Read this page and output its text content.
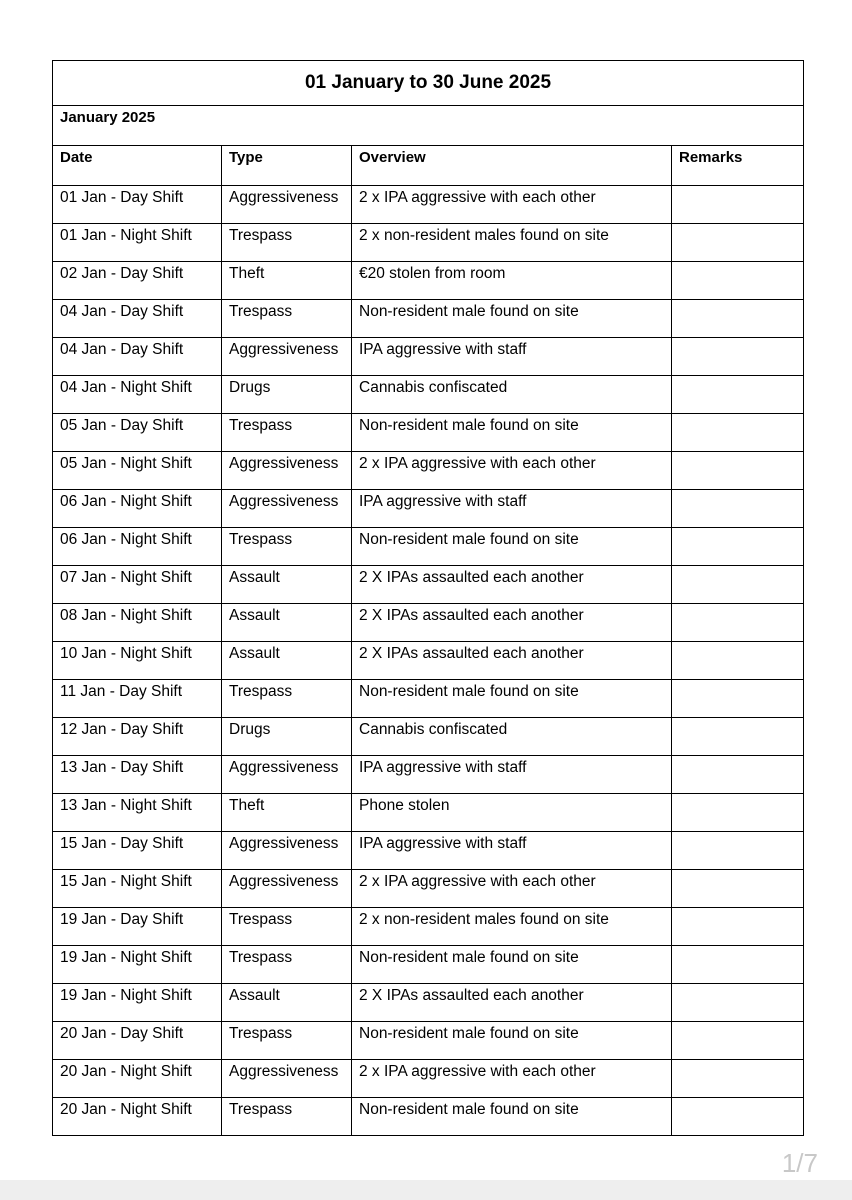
01 January to 30 June 2025			
January 2025			
Date	Type	Overview	Remarks
01 Jan - Day Shift	Aggressiveness	2 x IPA aggressive with each other	
01 Jan - Night Shift	Trespass	2 x non-resident males found on site	
02 Jan - Day Shift	Theft	€20 stolen from room	
04 Jan - Day Shift	Trespass	Non-resident male found on site	
04 Jan - Day Shift	Aggressiveness	IPA aggressive with staff	
04 Jan - Night Shift	Drugs	Cannabis confiscated	
05 Jan - Day Shift	Trespass	Non-resident male found on site	
05 Jan - Night Shift	Aggressiveness	2 x IPA aggressive with each other	
06 Jan - Night Shift	Aggressiveness	IPA aggressive with staff	
06 Jan - Night Shift	Trespass	Non-resident male found on site	
07 Jan - Night Shift	Assault	2 X IPAs assaulted each another	
08 Jan - Night Shift	Assault	2 X IPAs assaulted each another	
10 Jan - Night Shift	Assault	2 X IPAs assaulted each another	
11 Jan - Day Shift	Trespass	Non-resident male found on site	
12 Jan - Day Shift	Drugs	Cannabis confiscated	
13 Jan - Day Shift	Aggressiveness	IPA aggressive with staff	
13 Jan - Night Shift	Theft	Phone stolen	
15 Jan - Day Shift	Aggressiveness	IPA aggressive with staff	
15 Jan - Night Shift	Aggressiveness	2 x IPA aggressive with each other	
19 Jan - Day Shift	Trespass	2 x non-resident males found on site	
19 Jan - Night Shift	Trespass	Non-resident male found on site	
19 Jan - Night Shift	Assault	2 X IPAs assaulted each another	
20 Jan - Day Shift	Trespass	Non-resident male found on site	
20 Jan - Night Shift	Aggressiveness	2 x IPA aggressive with each other	
20 Jan - Night Shift	Trespass	Non-resident male found on site	
1/7
